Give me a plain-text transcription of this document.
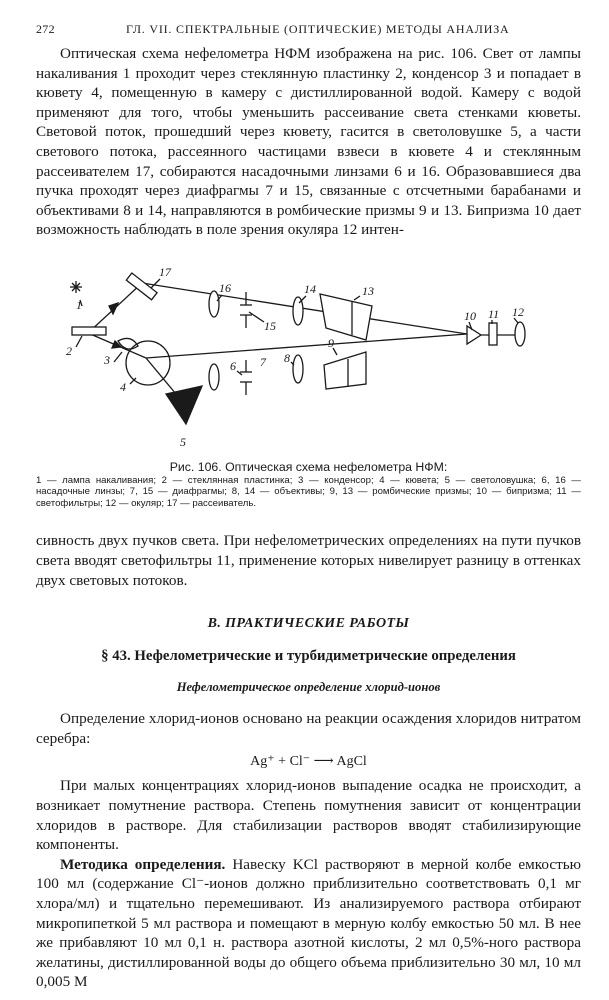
272	ГЛ. VII. СПЕКТРАЛЬНЫЕ (ОПТИЧЕСКИЕ) МЕТОДЫ АНАЛИЗА

Оптическая схема нефелометра НФМ изображена на рис. 106. Свет от лампы накаливания 1 проходит через стеклянную пластинку 2, конденсор 3 и попадает в кювету 4, помещенную в камеру с дистиллированной водой. Камеру с водой применяют для того, чтобы уменьшить рассеивание света стенками кюветы. Световой поток, прошедший через кювету, гасится в светоловушке 5, а части светового потока, рассеянного частицами взвеси в кювете 4 и стеклянным рассеивателем 17, собираются насадочными линзами 6 и 16. Образовавшиеся два пучка проходят через диафрагмы 7 и 15, связанные с отсчетными барабанами и объективами 8 и 14, направляются в ромбические призмы 9 и 13. Бипризма 10 дает возможность наблюдать в поле зрения окуляра 12 интен-

1
2
3
4
5
6 7 8
9
10 11 12
13
14
15
16
17
Рис. 106. Оптическая схема нефелометра НФМ:
1 — лампа накаливания; 2 — стеклянная пластинка; 3 — конденсор; 4 — кювета; 5 — светоловушка; 6, 16 — насадочные линзы; 7, 15 — диафрагмы; 8, 14 — объективы; 9, 13 — ромбические призмы; 10 — бипризма; 11 — светофильтры; 12 — окуляр; 17 — рассеиватель.

сивность двух пучков света. При нефелометрических определениях на пути пучков света вводят светофильтры 11, применение которых нивелирует разницу в оттенках двух световых потоков.

В. ПРАКТИЧЕСКИЕ РАБОТЫ
§ 43. Нефелометрические и турбидиметрические определения
Нефелометрическое определение хлорид-ионов

Определение хлорид-ионов основано на реакции осаждения хлоридов нитратом серебра:

Ag⁺ + Cl⁻ ⟶ AgCl

При малых концентрациях хлорид-ионов выпадение осадка не происходит, а возникает помутнение раствора. Степень помутнения зависит от концентрации хлоридов в растворе. Для стабилизации растворов вводят стабилизирующие компоненты.

Методика определения. Навеску KCl растворяют в мерной колбе емкостью 100 мл (содержание Cl⁻-ионов должно приблизительно соответствовать 0,1 мг хлора/мл) и тщательно перемешивают. Из анализируемого раствора отбирают микропипеткой 5 мл раствора и помещают в мерную колбу емкостью 50 мл. В нее же прибавляют 10 мл 0,1 н. раствора азотной кислоты, 2 мл 0,5%-ного раствора желатины, дистиллированной воды до общего объема приблизительно 30 мл, 10 мл 0,005 М
